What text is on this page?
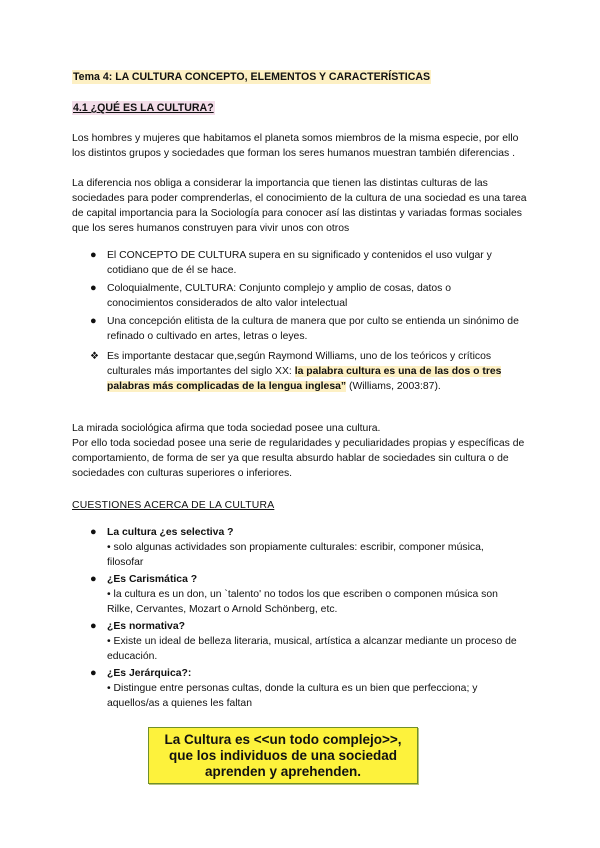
Tema 4: LA CULTURA CONCEPTO, ELEMENTOS Y CARACTERÍSTICAS
4.1 ¿QUÉ ES LA CULTURA?

Los hombres y mujeres que habitamos el planeta somos miembros de la misma especie, por ello los distintos grupos y sociedades que forman los seres humanos muestran también diferencias .

La diferencia nos obliga a considerar la importancia que tienen las distintas culturas de las sociedades para poder comprenderlas, el conocimiento de la cultura de una sociedad es una tarea de capital importancia para la Sociología para conocer así las distintas y variadas formas sociales que los seres humanos construyen para vivir unos con otros

● El CONCEPTO DE CULTURA supera en su significado y contenidos el uso vulgar y cotidiano que de él se hace.
● Coloquialmente, CULTURA: Conjunto complejo y amplio de cosas, datos o conocimientos considerados de alto valor intelectual
● Una concepción elitista de la cultura de manera que por culto se entienda un sinónimo de refinado o cultivado en artes, letras o leyes.
❖ Es importante destacar que,según Raymond Williams, uno de los teóricos y críticos culturales más importantes del siglo XX: la palabra cultura es una de las dos o tres palabras más complicadas de la lengua inglesa” (Williams, 2003:87).

La mirada sociológica afirma que toda sociedad posee una cultura.

Por ello toda sociedad posee una serie de regularidades y peculiaridades propias y específicas de comportamiento, de forma de ser ya que resulta absurdo hablar de sociedades sin cultura o de sociedades con culturas superiores o inferiores.

CUESTIONES ACERCA DE LA CULTURA
● La cultura ¿es selectiva ?
• solo algunas actividades son propiamente culturales: escribir, componer música, filosofar
● ¿Es Carismática ?
• la cultura es un don, un `talento' no todos los que escriben o componen música son Rilke, Cervantes, Mozart o Arnold Schönberg, etc.
● ¿Es normativa?
• Existe un ideal de belleza literaria, musical, artística a alcanzar mediante un proceso de educación.
● ¿Es Jerárquica?:
• Distingue entre personas cultas, donde la cultura es un bien que perfecciona; y aquellos/as a quienes les faltan
La Cultura es <<un todo complejo>>,
que los individuos de una sociedad
aprenden y aprehenden.
